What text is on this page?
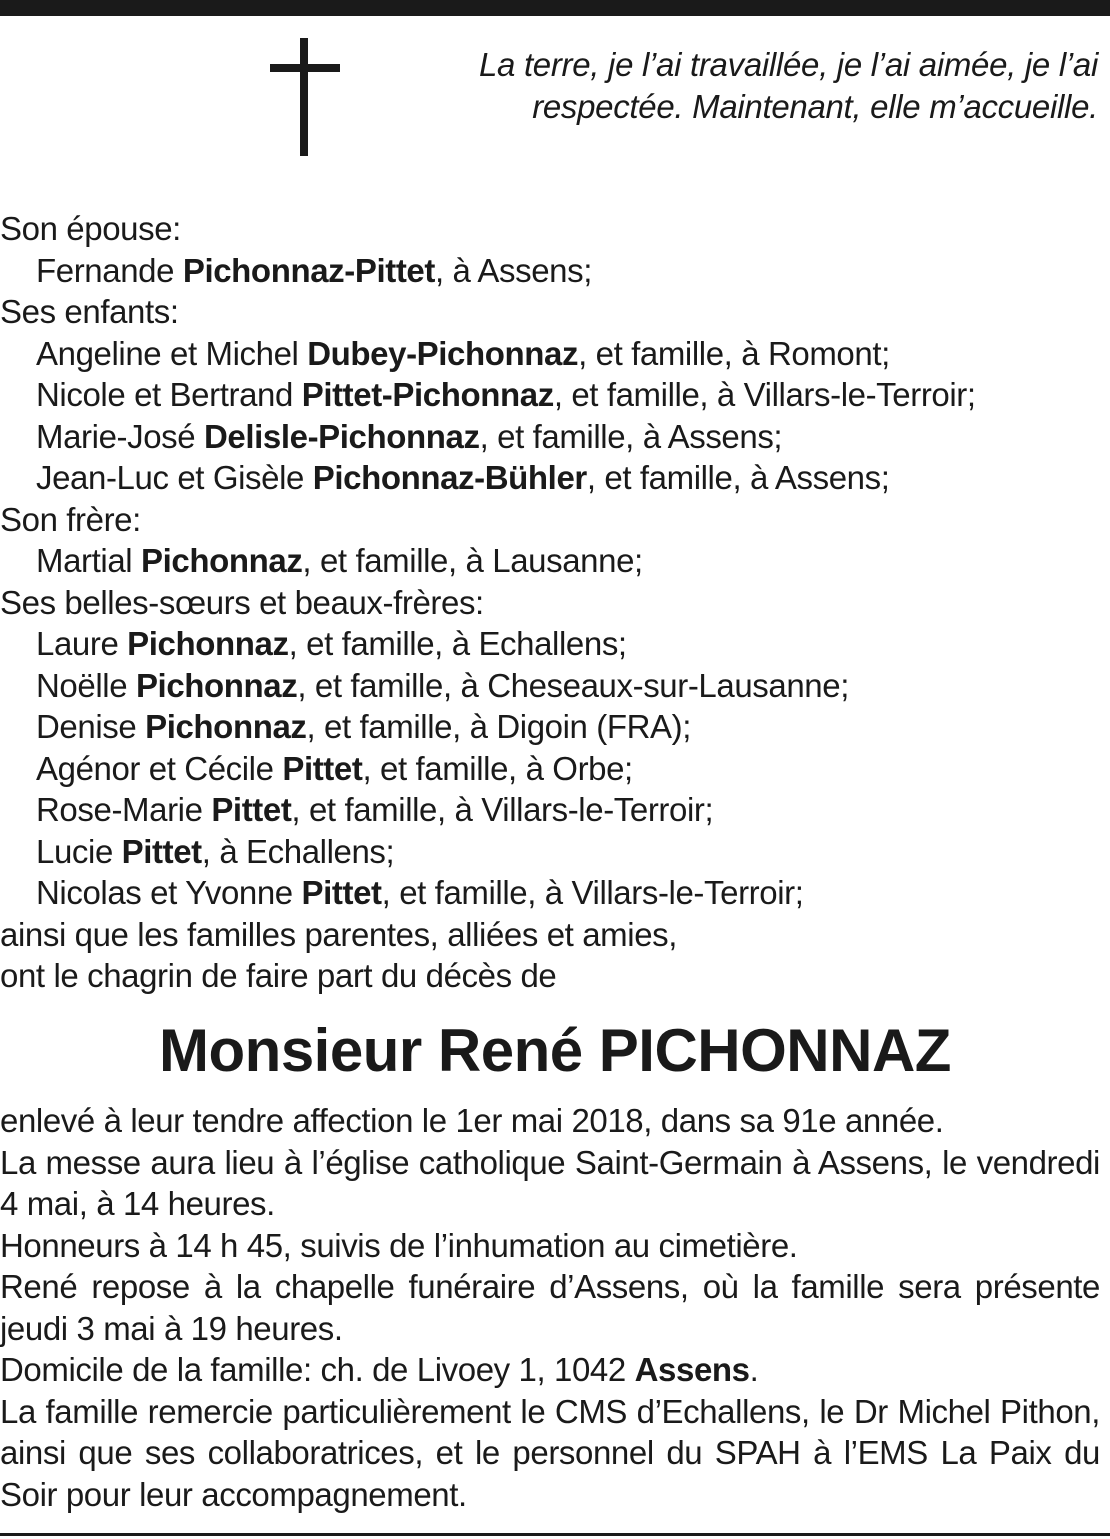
La terre, je l’ai travaillée, je l’ai aimée, je l’ai
respectée. Maintenant, elle m’accueille.
Son épouse:
Fernande Pichonnaz-Pittet, à Assens;
Ses enfants:
Angeline et Michel Dubey-Pichonnaz, et famille, à Romont;
Nicole et Bertrand Pittet-Pichonnaz, et famille, à Villars-le-Terroir;
Marie-José Delisle-Pichonnaz, et famille, à Assens;
Jean-Luc et Gisèle Pichonnaz-Bühler, et famille, à Assens;
Son frère:
Martial Pichonnaz, et famille, à Lausanne;
Ses belles-sœurs et beaux-frères:
Laure Pichonnaz, et famille, à Echallens;
Noëlle Pichonnaz, et famille, à Cheseaux-sur-Lausanne;
Denise Pichonnaz, et famille, à Digoin (FRA);
Agénor et Cécile Pittet, et famille, à Orbe;
Rose-Marie Pittet, et famille, à Villars-le-Terroir;
Lucie Pittet, à Echallens;
Nicolas et Yvonne Pittet, et famille, à Villars-le-Terroir;
ainsi que les familles parentes, alliées et amies,
ont le chagrin de faire part du décès de
Monsieur René PICHONNAZ

enlevé à leur tendre affection le 1er mai 2018, dans sa 91e année.

La messe aura lieu à l’église catholique Saint-Germain à Assens, le vendredi 4 mai, à 14 heures.

Honneurs à 14 h 45, suivis de l’inhumation au cimetière.

René repose à la chapelle funéraire d’Assens, où la famille sera présente jeudi 3 mai à 19 heures.

Domicile de la famille: ch. de Livoey 1, 1042 Assens.

La famille remercie particulièrement le CMS d’Echallens, le Dr Michel Pithon, ainsi que ses collaboratrices, et le personnel du SPAH à l’EMS La Paix du Soir pour leur accompagnement.
